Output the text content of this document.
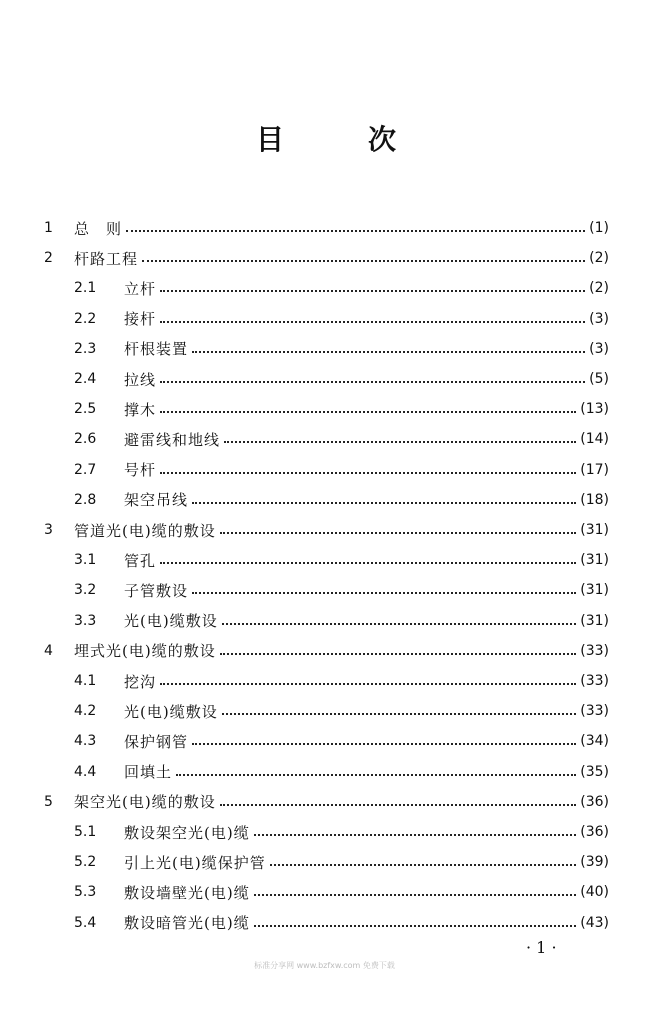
目	次
1	总　则	(1)
2	杆路工程	(2)
2.1	立杆	(2)
2.2	接杆	(3)
2.3	杆根装置	(3)
2.4	拉线	(5)
2.5	撑木	(13)
2.6	避雷线和地线	(14)
2.7	号杆	(17)
2.8	架空吊线	(18)
3	管道光(电)缆的敷设	(31)
3.1	管孔	(31)
3.2	子管敷设	(31)
3.3	光(电)缆敷设	(31)
4	埋式光(电)缆的敷设	(33)
4.1	挖沟	(33)
4.2	光(电)缆敷设	(33)
4.3	保护钢管	(34)
4.4	回填土	(35)
5	架空光(电)缆的敷设	(36)
5.1	敷设架空光(电)缆	(36)
5.2	引上光(电)缆保护管	(39)
5.3	敷设墙壁光(电)缆	(40)
5.4	敷设暗管光(电)缆	(43)
· 1 ·
标准分享网 www.bzfxw.com 免费下载
